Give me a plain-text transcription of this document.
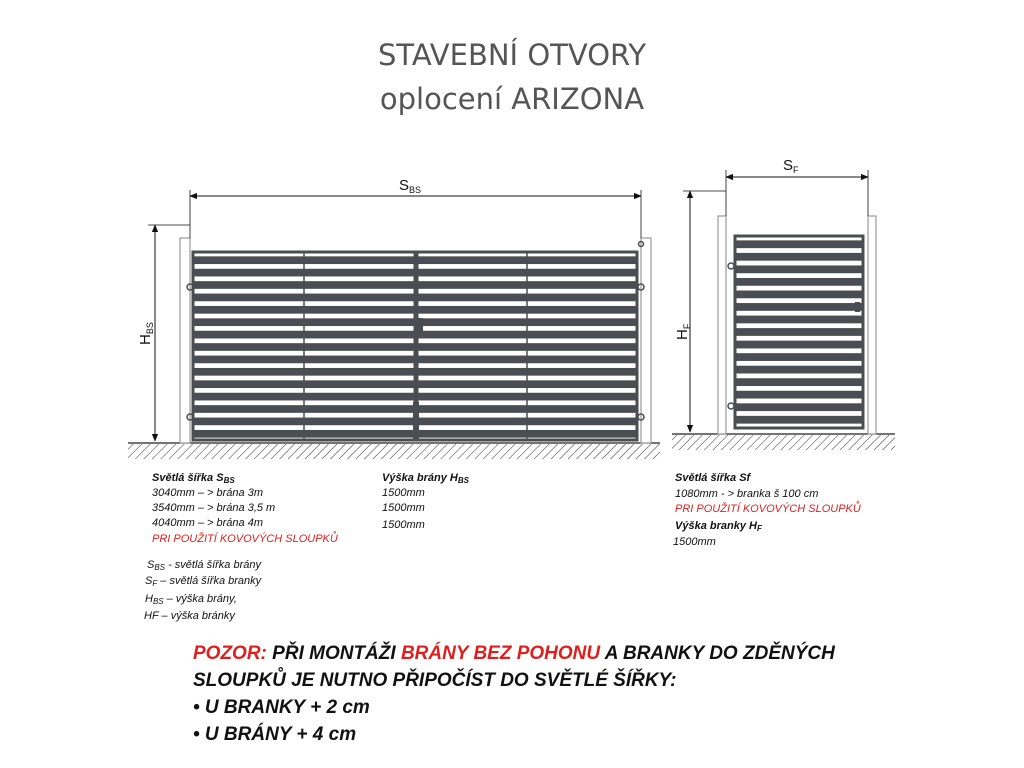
STAVEBNÍ OTVORY
oplocení ARIZONA
$S_{BS}$
$H_{BS}$
$S_F$
$H_F$
Světlá šířka $S_{BS}$
3040mm – > brána 3m
3540mm – > brána 3,5 m
4040mm – > brána 4m
PRI POUŽITÍ KOVOVÝCH SLOUPKŮ
Výška brány $H_{BS}$
1500mm
1500mm
1500mm
$S_{BS}$ - světlá šířka brány
$S_F$ – světlá šířka branky
$H_{BS}$ – výška brány,
HF – výška bránky
Světlá šířka Sf
1080mm - > branka š 100 cm
PRI POUŽITÍ KOVOVÝCH SLOUPKŮ
Výška branky $H_F$
1500mm
POZOR: PŘI MONTÁŽI BRÁNY BEZ POHONU A BRANKY DO ZDĚNÝCH
SLOUPKŮ JE NUTNO PŘIPOČÍST DO SVĚTLÉ ŠÍŘKY:
• U BRANKY + 2 cm
• U BRÁNY + 4 cm
